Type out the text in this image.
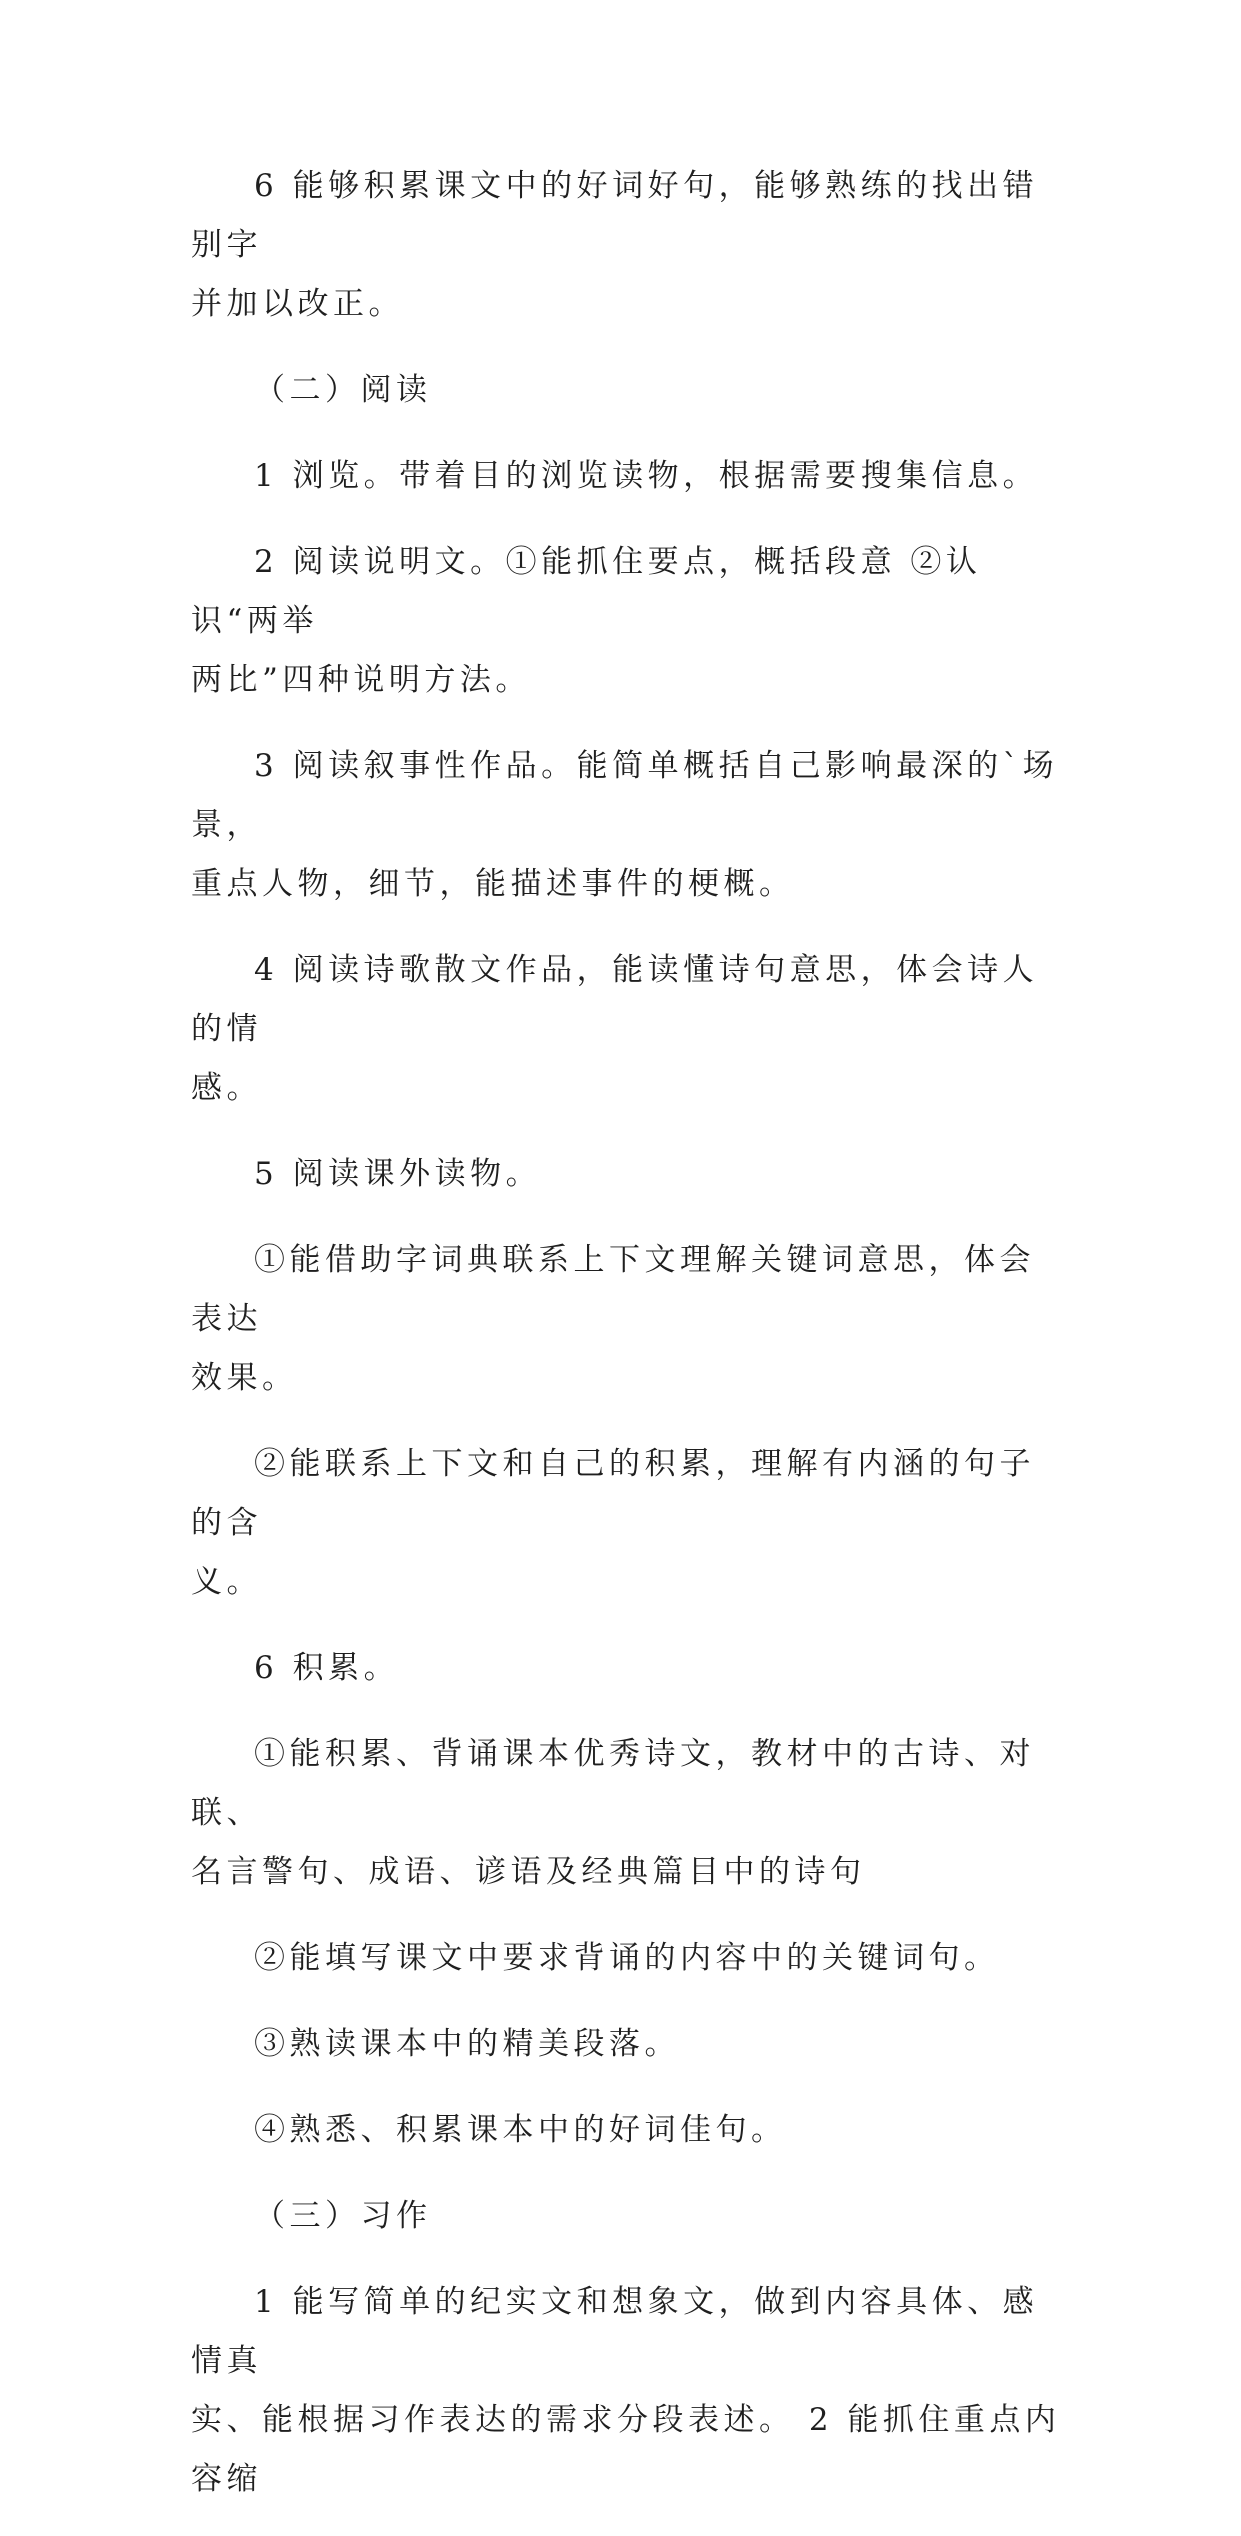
6 能够积累课文中的好词好句，能够熟练的找出错别字
并加以改正。
（二）阅读
1 浏览。带着目的浏览读物，根据需要搜集信息。
2 阅读说明文。①能抓住要点，概括段意 ②认识“两举
两比”四种说明方法。
3 阅读叙事性作品。能简单概括自己影响最深的`场景，
重点人物，细节，能描述事件的梗概。
4 阅读诗歌散文作品，能读懂诗句意思，体会诗人的情
感。
5 阅读课外读物。
①能借助字词典联系上下文理解关键词意思，体会表达
效果。
②能联系上下文和自己的积累，理解有内涵的句子的含
义。
6 积累。
①能积累、背诵课本优秀诗文，教材中的古诗、对联、
名言警句、成语、谚语及经典篇目中的诗句
②能填写课文中要求背诵的内容中的关键词句。
③熟读课本中的精美段落。
④熟悉、积累课本中的好词佳句。
（三）习作
1 能写简单的纪实文和想象文，做到内容具体、感情真
实、能根据习作表达的需求分段表述。 2 能抓住重点内容缩
